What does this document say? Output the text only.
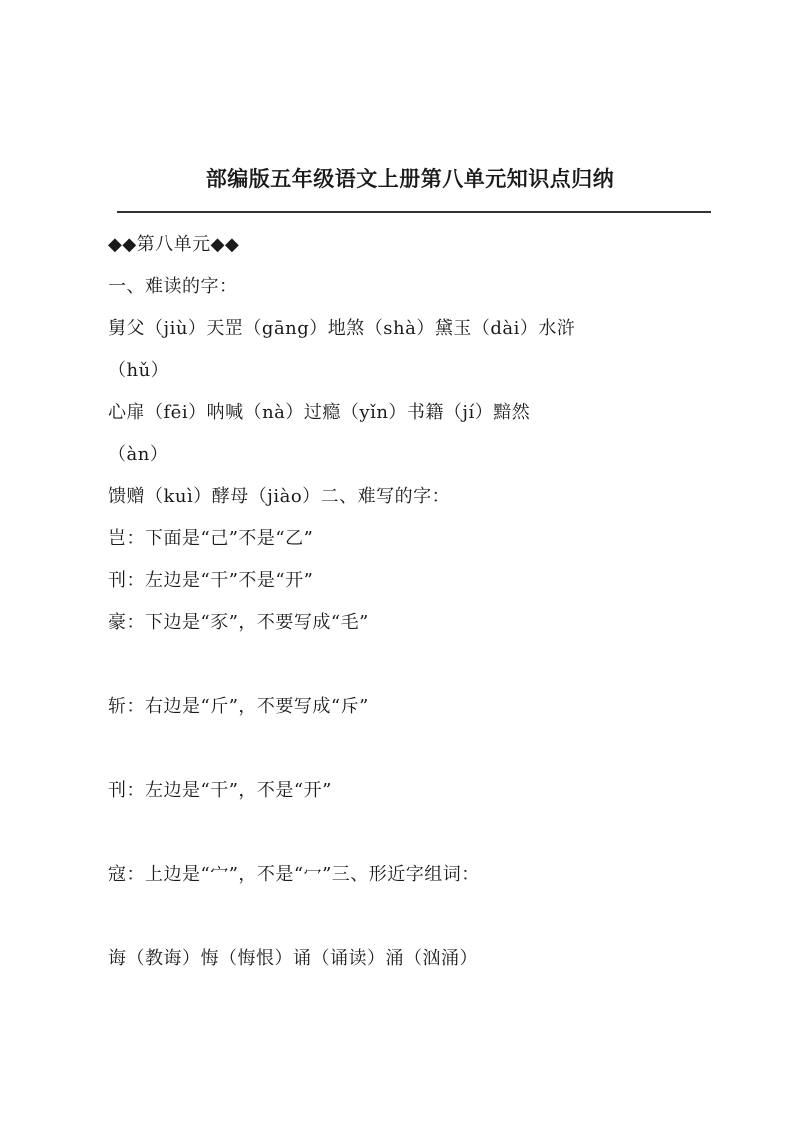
部编版五年级语文上册第八单元知识点归纳
◆◆第八单元◆◆
一、难读的字：
舅父（jiù）天罡（gāng）地煞（shà）黛玉（dài）水浒
（hǔ）
心扉（fēi）呐喊（nà）过瘾（yǐn）书籍（jí）黯然
（àn）
馈赠（kuì）酵母（jiào）二、难写的字：
岂：下面是“己”不是“乙”
刊：左边是“干”不是“开”
豪：下边是“豕”，不要写成“毛”
斩：右边是“斤”，不要写成“斥”
刊：左边是“干”，不是“开”
寇：上边是“宀”，不是“冖”三、形近字组词：
诲（教诲）悔（悔恨）诵（诵读）涌（汹涌）
